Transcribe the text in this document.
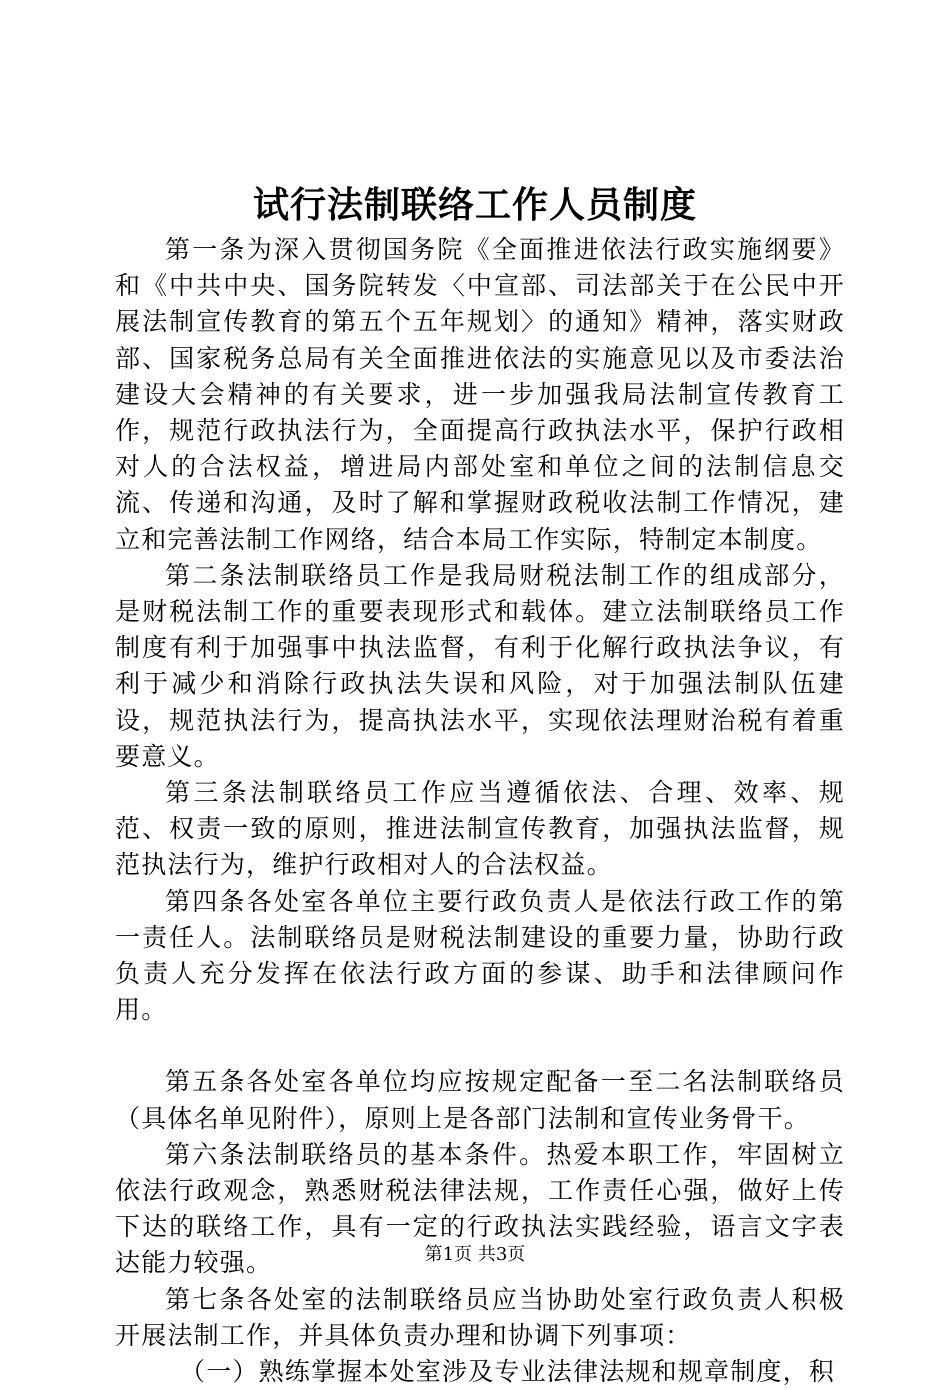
试行法制联络工作人员制度

第一条为深入贯彻国务院《全面推进依法行政实施纲要》和《中共中央、国务院转发〈中宣部、司法部关于在公民中开展法制宣传教育的第五个五年规划〉的通知》精神，落实财政部、国家税务总局有关全面推进依法的实施意见以及市委法治建设大会精神的有关要求，进一步加强我局法制宣传教育工作，规范行政执法行为，全面提高行政执法水平，保护行政相对人的合法权益，增进局内部处室和单位之间的法制信息交流、传递和沟通，及时了解和掌握财政税收法制工作情况，建立和完善法制工作网络，结合本局工作实际，特制定本制度。

第二条法制联络员工作是我局财税法制工作的组成部分，是财税法制工作的重要表现形式和载体。建立法制联络员工作制度有利于加强事中执法监督，有利于化解行政执法争议，有利于减少和消除行政执法失误和风险，对于加强法制队伍建设，规范执法行为，提高执法水平，实现依法理财治税有着重要意义。

第三条法制联络员工作应当遵循依法、合理、效率、规范、权责一致的原则，推进法制宣传教育，加强执法监督，规范执法行为，维护行政相对人的合法权益。

第四条各处室各单位主要行政负责人是依法行政工作的第一责任人。法制联络员是财税法制建设的重要力量，协助行政负责人充分发挥在依法行政方面的参谋、助手和法律顾问作用。

第五条各处室各单位均应按规定配备一至二名法制联络员（具体名单见附件），原则上是各部门法制和宣传业务骨干。

第六条法制联络员的基本条件。热爱本职工作，牢固树立依法行政观念，熟悉财税法律法规，工作责任心强，做好上传下达的联络工作，具有一定的行政执法实践经验，语言文字表达能力较强。

第七条各处室的法制联络员应当协助处室行政负责人积极开展法制工作，并具体负责办理和协调下列事项：

（一）熟练掌握本处室涉及专业法律法规和规章制度，积

第1页 共3页
